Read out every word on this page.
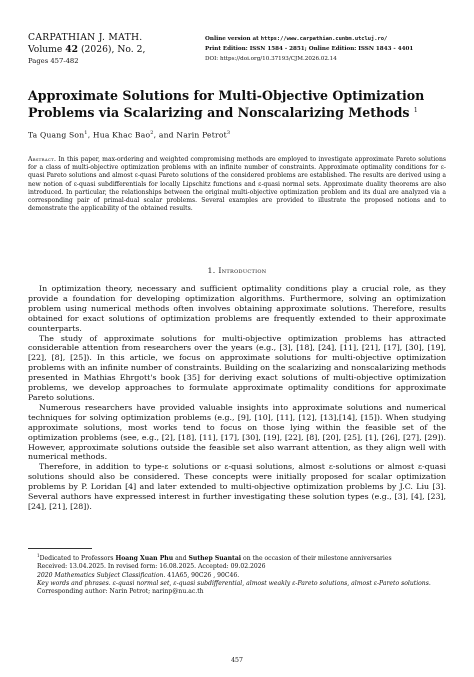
CARPATHIAN J. MATH.
Volume 42 (2026), No. 2,
Pages 457-482
Online version at https://www.carpathian.cunbm.utcluj.ro/
Print Edition: ISSN 1584 - 2851; Online Edition: ISSN 1843 - 4401
DOI: https://doi.org/10.37193/CJM.2026.02.14
Approximate Solutions for Multi-Objective Optimization
Problems via Scalarizing and Nonscalarizing Methods $^1$
Ta Quang Son$^1$, Hua Khac Bao$^2$, and Narin Petrot$^3$
Abstract. In this paper, max-ordering and weighted compromising methods are employed to investigate approximate Pareto solutions for a class of multi-objective optimization problems with an infinite number of constraints. Approximate optimality conditions for ε-quasi Pareto solutions and almost ε-quasi Pareto solutions of the considered problems are established. The results are derived using a new notion of ε-quasi subdifferentials for locally Lipschitz functions and ε-quasi normal sets. Approximate duality theorems are also introduced. In particular, the relationships between the original multi-objective optimization problem and its dual are analyzed via a corresponding pair of primal-dual scalar problems. Several examples are provided to illustrate the proposed notions and to demonstrate the applicability of the obtained results.
1. Introduction

In optimization theory, necessary and sufficient optimality conditions play a crucial role, as they provide a foundation for developing optimization algorithms. Furthermore, solving an optimization problem using numerical methods often involves obtaining approximate solutions. Therefore, results obtained for exact solutions of optimization problems are frequently extended to their approximate counterparts.

The study of approximate solutions for multi-objective optimization problems has attracted considerable attention from researchers over the years (e.g., [3], [18], [24], [11], [21], [17], [30], [19], [22], [8], [25]). In this article, we focus on approximate solutions for multi-objective optimization problems with an infinite number of constraints. Building on the scalarizing and nonscalarizing methods presented in Mathias Ehrgott's book [35] for deriving exact solutions of multi-objective optimization problems, we develop approaches to formulate approximate optimality conditions for approximate Pareto solutions.

Numerous researchers have provided valuable insights into approximate solutions and numerical techniques for solving optimization problems (e.g., [9], [10], [11], [12], [13],[14], [15]). When studying approximate solutions, most works tend to focus on those lying within the feasible set of the optimization problems (see, e.g., [2], [18], [11], [17], [30], [19], [22], [8], [20], [25], [1], [26], [27], [29]). However, approximate solutions outside the feasible set also warrant attention, as they align well with numerical methods.

Therefore, in addition to type-ε solutions or ε-quasi solutions, almost ε-solutions or almost ε-quasi solutions should also be considered. These concepts were initially proposed for scalar optimization problems by P. Loridan [4] and later extended to multi-objective optimization problems by J.C. Liu [3]. Several authors have expressed interest in further investigating these solution types (e.g., [3], [4], [23], [24], [21], [28]).

$^1$Dedicated to Professors Hoang Xuan Phu and Suthep Suantai on the occasion of their milestone anniversaries

Received: 13.04.2025. In revised form: 16.08.2025. Accepted: 09.02.2026

2020 Mathematics Subject Classification. 41A65, 90C26 , 90C46.

Key words and phrases. ε-quasi normal set, ε-quasi subdifferential, almost weakly ε-Pareto solutions, almost ε-Pareto solutions.

Corresponding author: Narin Petrot; narinp@nu.ac.th

457
